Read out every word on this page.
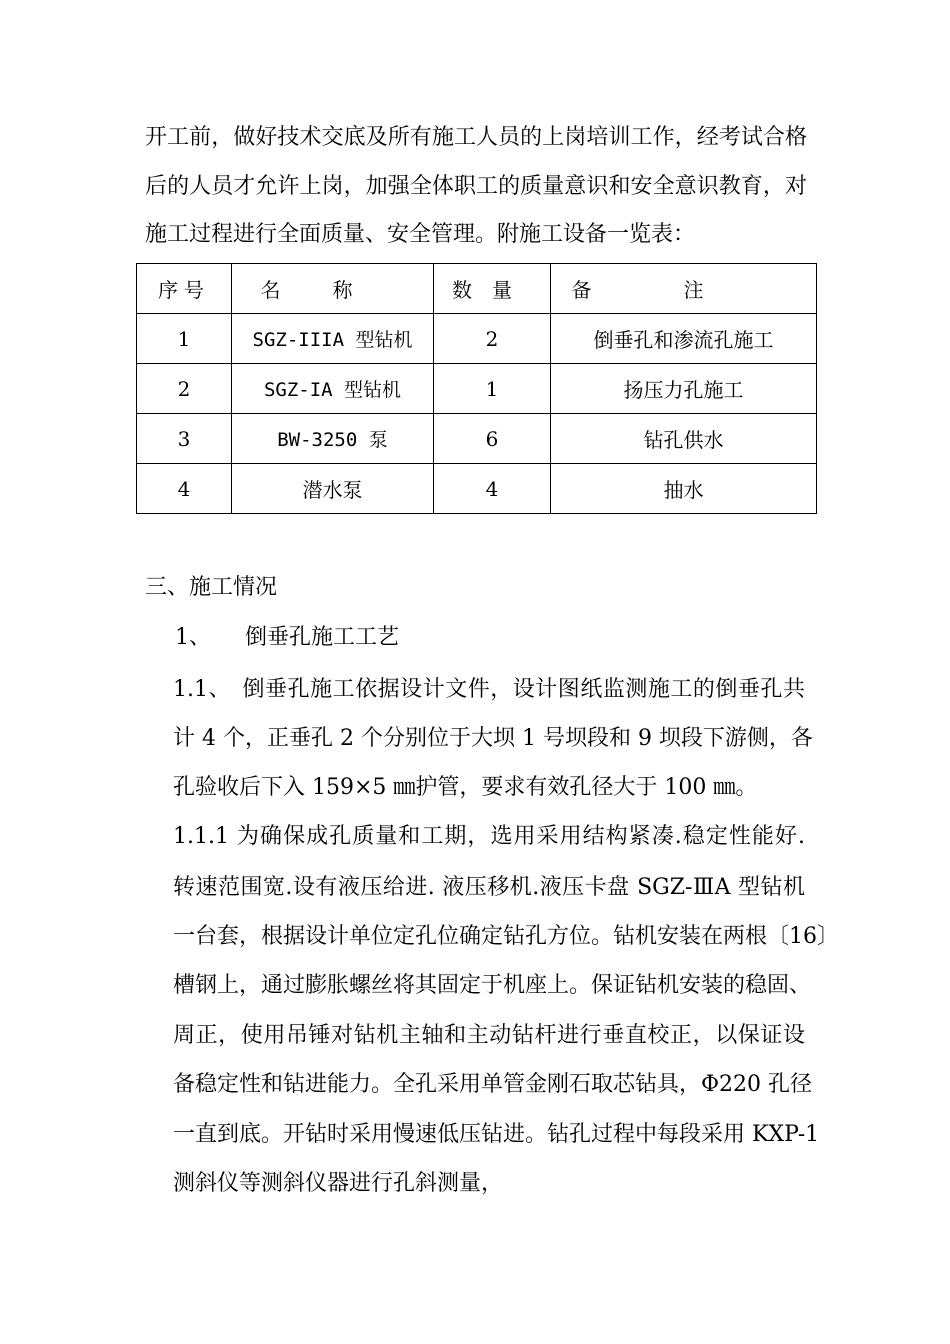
开工前，做好技术交底及所有施工人员的上岗培训工作，经考试合格
后的人员才允许上岗，加强全体职工的质量意识和安全意识教育，对
施工过程进行全面质量、安全管理。附施工设备一览表：
序号	名称	数量	备注
1	SGZ-IIIA 型钻机	2	倒垂孔和渗流孔施工
2	SGZ-IA 型钻机	1	扬压力孔施工
3	BW-3250 泵	6	钻孔供水
4	潜水泵	4	抽水
三、施工情况
1、 倒垂孔施工工艺
1.1、　倒垂孔施工依据设计文件，设计图纸监测施工的倒垂孔共
计 4 个，正垂孔 2 个分别位于大坝 1 号坝段和 9 坝段下游侧，各
孔验收后下入 159×5 ㎜护管，要求有效孔径大于 100 ㎜。
1.1.1 为确保成孔质量和工期，选用采用结构紧凑.稳定性能好.
转速范围宽.设有液压给进. 液压移机.液压卡盘 SGZ-ⅢA 型钻机
一台套，根据设计单位定孔位确定钻孔方位。钻机安装在两根〔16〕
槽钢上，通过膨胀螺丝将其固定于机座上。保证钻机安装的稳固、
周正，使用吊锤对钻机主轴和主动钻杆进行垂直校正，以保证设
备稳定性和钻进能力。全孔采用单管金刚石取芯钻具，Φ220 孔径
一直到底。开钻时采用慢速低压钻进。钻孔过程中每段采用 KXP-1
测斜仪等测斜仪器进行孔斜测量，
